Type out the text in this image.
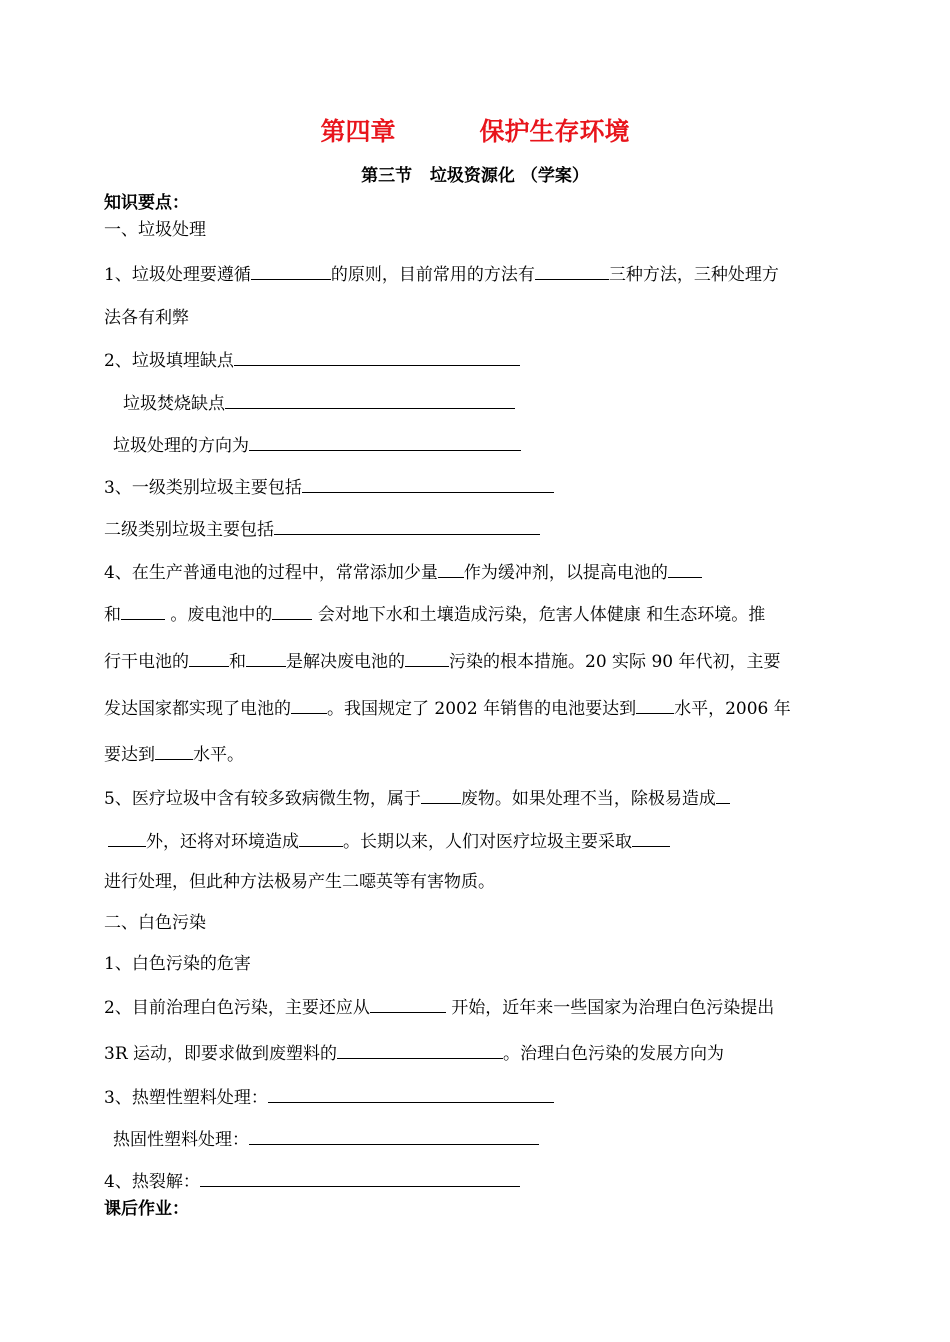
第四章	保护生存环境
第三节   垃圾资源化 （学案）
知识要点：
一、垃圾处理
1、垃圾处理要遵循	的原则，目前常用的方法有	三种方法，三种处理方
法各有利弊
2、垃圾填埋缺点
垃圾焚烧缺点
垃圾处理的方向为
3、一级类别垃圾主要包括
二级类别垃圾主要包括
4、在生产普通电池的过程中，常常添加少量 作为缓冲剂，以提高电池的
和	。废电池中的	会对地下水和土壤造成污染，危害人体健康 和生态环境。推
行干电池的 和 是解决废电池的	污染的根本措施。20 实际 90 年代初，主要
发达国家都实现了电池的 。我国规定了 2002 年销售的电池要达到 水平，2006 年
要达到 水平。
5、医疗垃圾中含有较多致病微生物，属于 废物。如果处理不当，除极易造成
外，还将对环境造成	。长期以来，人们对医疗垃圾主要采取
进行处理，但此种方法极易产生二噁英等有害物质。
二、白色污染
1、白色污染的危害
2、目前治理白色污染，主要还应从	开始，近年来一些国家为治理白色污染提出
3R 运动，即要求做到废塑料的	。治理白色污染的发展方向为
3、热塑性塑料处理：
热固性塑料处理：
4、热裂解：
课后作业：
